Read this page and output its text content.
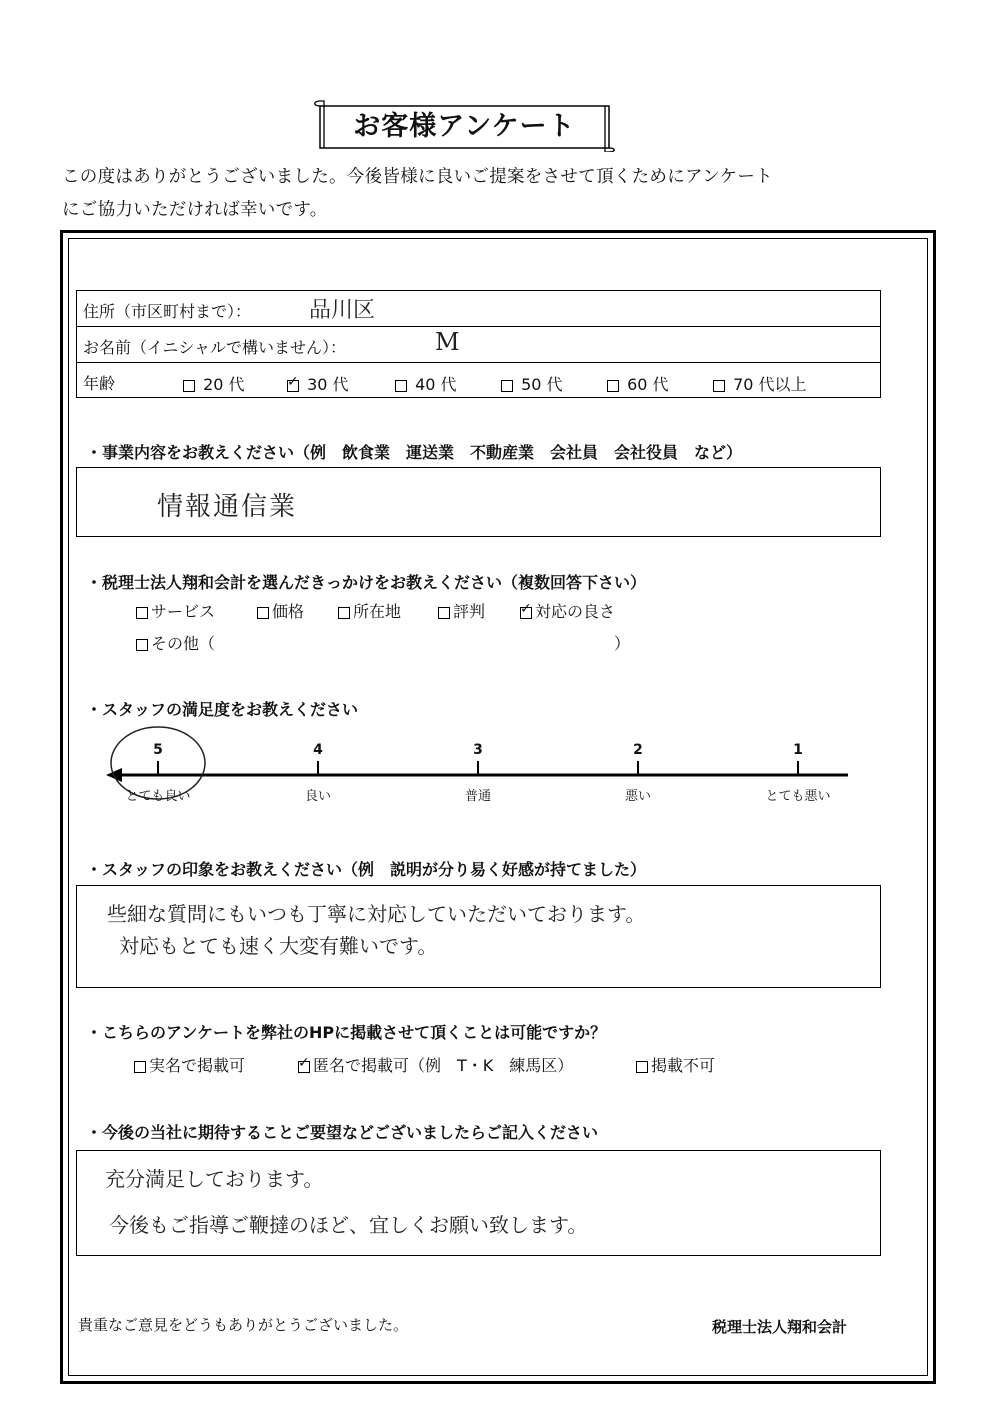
お客様アンケート
この度はありがとうございました。今後皆様に良いご提案をさせて頂くためにアンケート
にご協力いただければ幸いです。
住所（市区町村まで）：	品川区
お名前（イニシャルで構いません）：	M
年齢	20 代 ✓	30 代	40 代	50 代	60 代	70 代以上
・事業内容をお教えください（例　飲食業　運送業　不動産業　会社員　会社役員　など）
情報通信業
・税理士法人翔和会計を選んだきっかけをお教えください（複数回答下さい）
サービス	価格	所在地	評判 ✓	対応の良さ
その他（	）
・スタッフの満足度をお教えください
5	4	3	2	1
とても良い	良い	普通	悪い	とても悪い
・スタッフの印象をお教えください（例　説明が分り易く好感が持てました）
些細な質問にもいつも丁寧に対応していただいております。
対応もとても速く大変有難いです。
・こちらのアンケートを弊社のHPに掲載させて頂くことは可能ですか？
実名で掲載可 ✓	匿名で掲載可（例　T・K　練馬区）	掲載不可
・今後の当社に期待することご要望などございましたらご記入ください
充分満足しております。
今後もご指導ご鞭撻のほど、宜しくお願い致します。
貴重なご意見をどうもありがとうございました。	税理士法人翔和会計
